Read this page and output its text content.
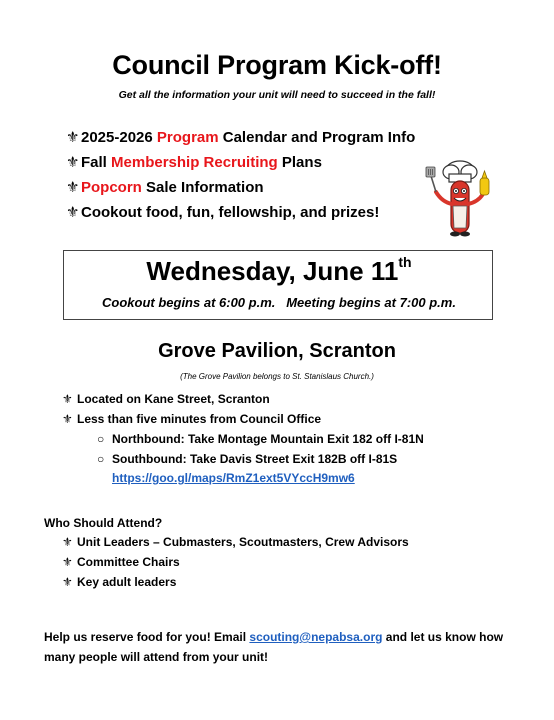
Council Program Kick-off!
Get all the information your unit will need to succeed in the fall!
⚜ 2025-2026 Program Calendar and Program Info
⚜ Fall Membership Recruiting Plans
⚜ Popcorn Sale Information
⚜ Cookout food, fun, fellowship, and prizes!
Wednesday, June 11th
Cookout begins at 6:00 p.m.   Meeting begins at 7:00 p.m.
Grove Pavilion, Scranton
(The Grove Pavilion belongs to St. Stanislaus Church.)
⚜ Located on Kane Street, Scranton
⚜ Less than five minutes from Council Office
○ Northbound: Take Montage Mountain Exit 182 off I-81N
○ Southbound: Take Davis Street Exit 182B off I-81S
https://goo.gl/maps/RmZ1ext5VYccH9mw6
Who Should Attend?
⚜ Unit Leaders – Cubmasters, Scoutmasters, Crew Advisors
⚜ Committee Chairs
⚜ Key adult leaders
Help us reserve food for you! Email scouting@nepabsa.org and let us know how many people will attend from your unit!
